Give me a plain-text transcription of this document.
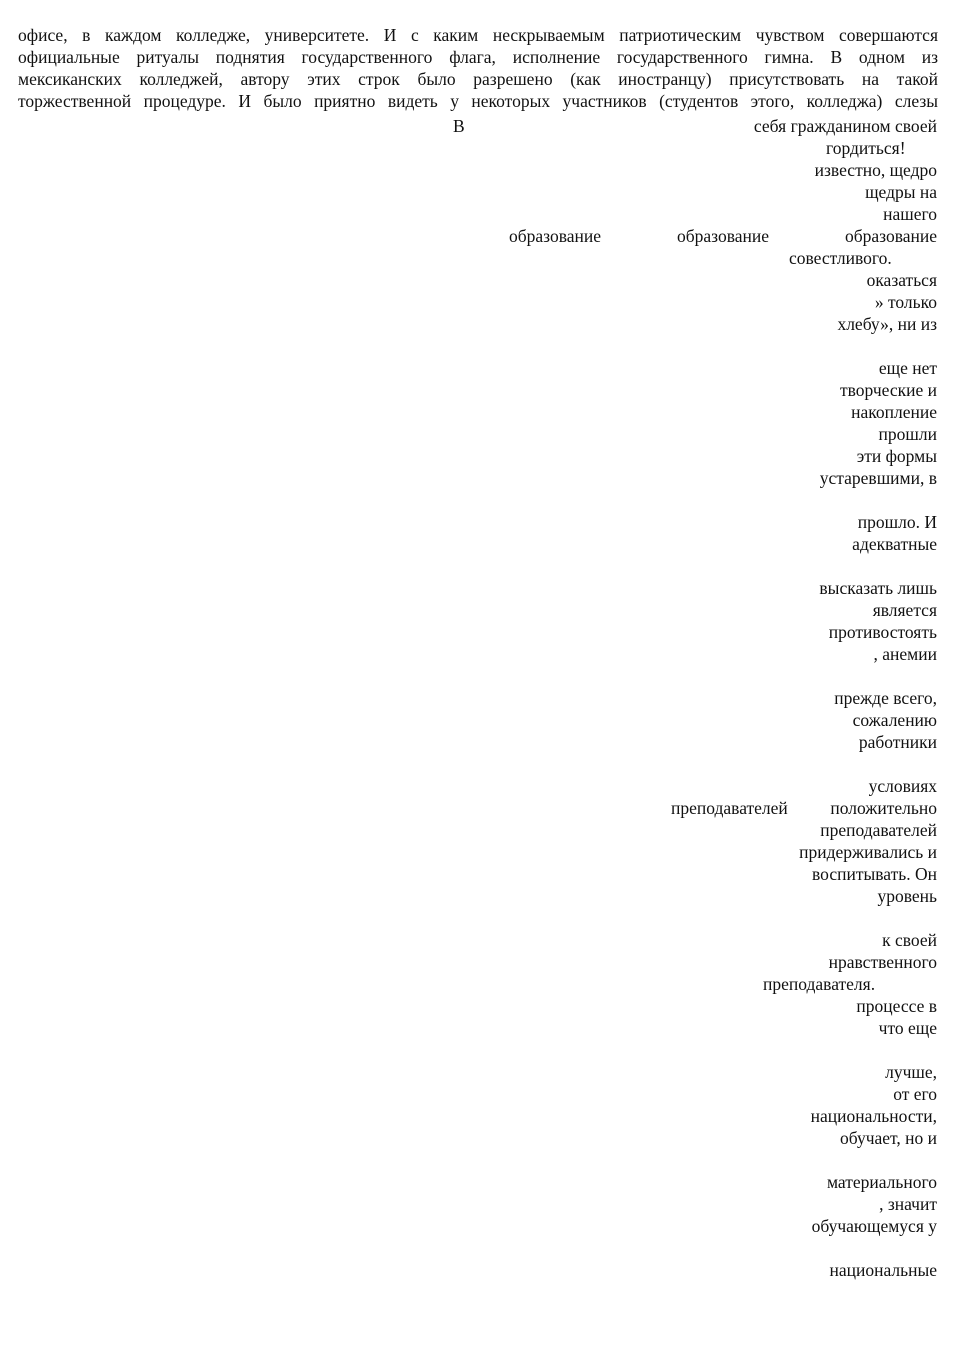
офисе, в каждом колледже, университете. И с каким нескрываемым патриотическим чувством совершаются
официальные ритуалы поднятия государственного флага, исполнение государственного гимна. В одном из
мексиканских колледжей, автору этих строк было разрешено (как иностранцу) присутствовать на такой
торжественной процедуре. И было приятно видеть у некоторых участников (студентов этого, колледжа) слезы
В	себя гражданином своей
гордиться!
известно, щедро
щедры на
нашего
образование	образование	образование
совестливого.
оказаться
» только
хлебу», ни из
еще нет
творческие и
накопление
прошли
эти формы
устаревшими, в
прошло. И
адекватные
высказать лишь
является
противостоять
, анемии
прежде всего,
сожалению
работники
условиях
преподавателей положительно
преподавателей
придерживались и
воспитывать. Он
уровень
к своей
нравственного
преподавателя.
процессе в
что еще
лучше,
от его
национальности,
обучает, но и
материального
, значит
обучающемуся у
национальные
